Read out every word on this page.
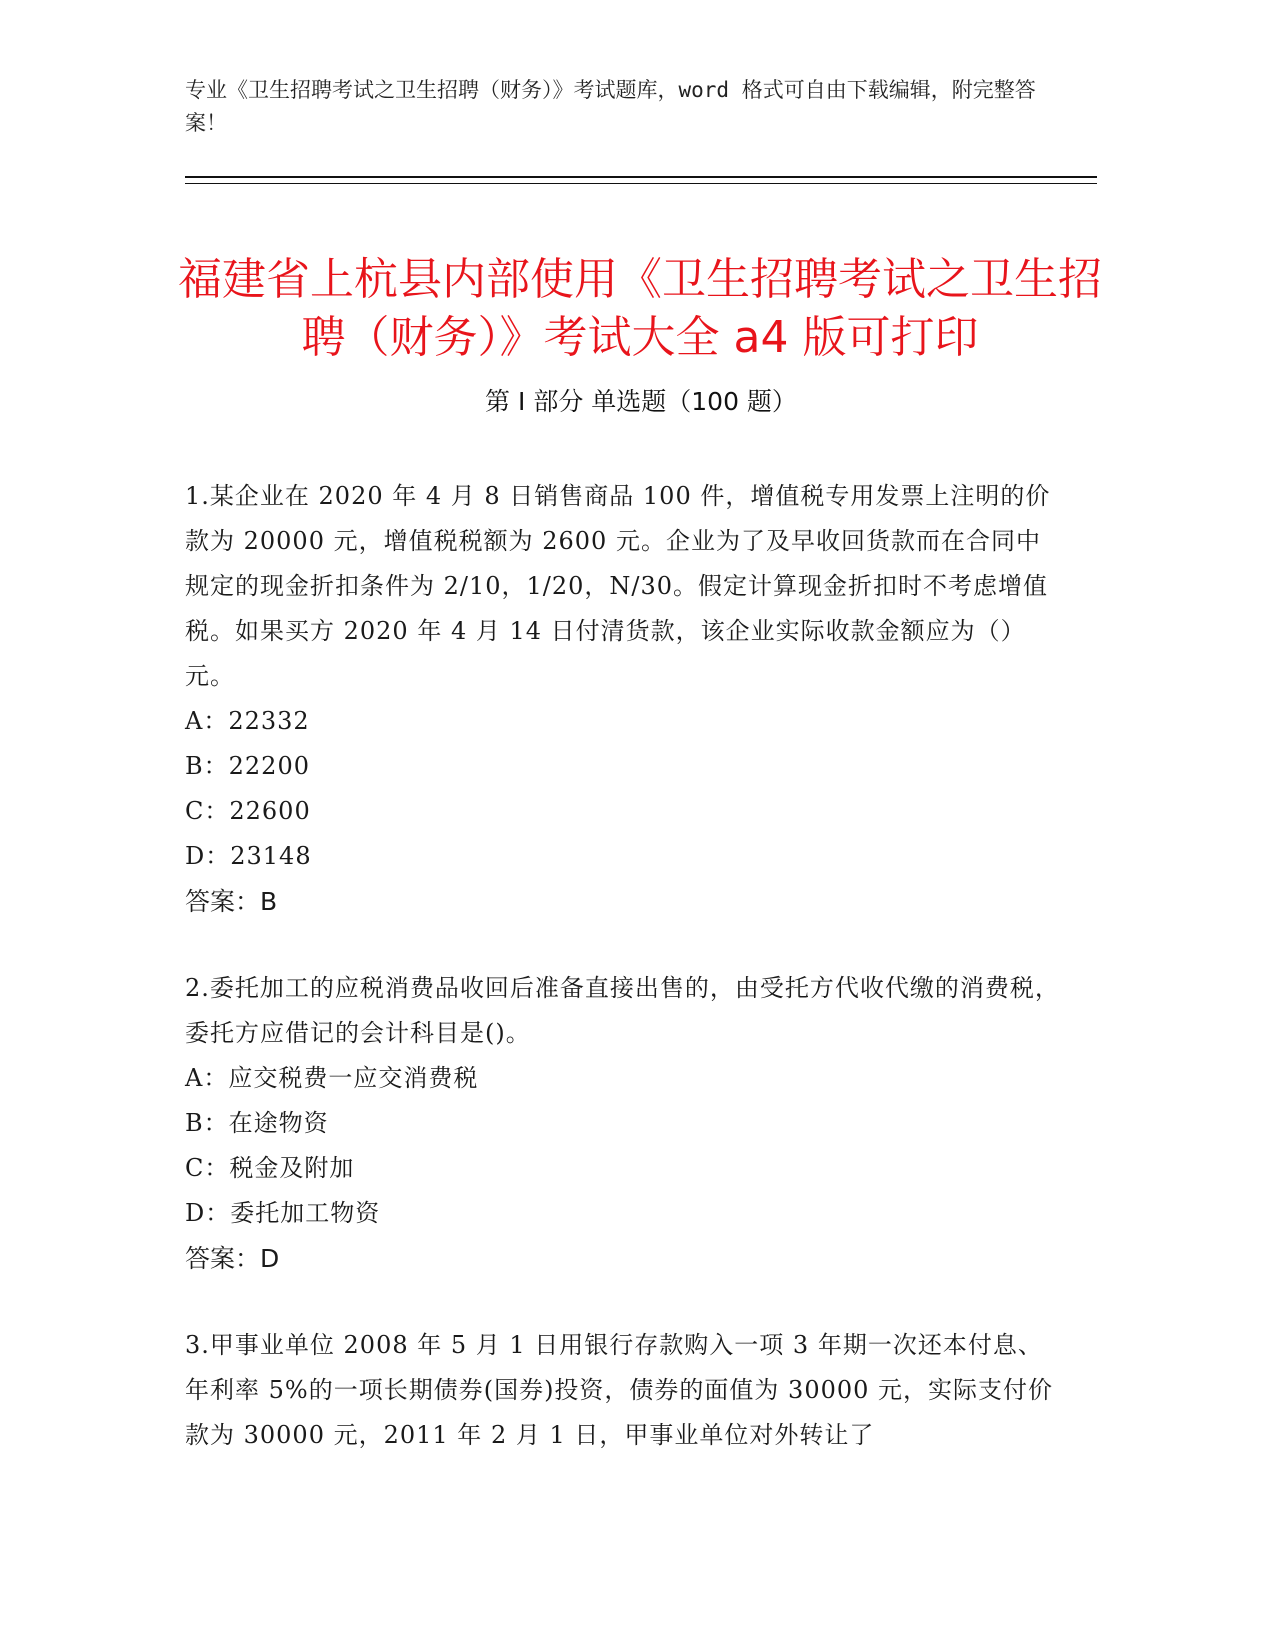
专业《卫生招聘考试之卫生招聘（财务）》考试题库，word 格式可自由下载编辑，附完整答案！
福建省上杭县内部使用《卫生招聘考试之卫生招聘（财务）》考试大全 a4 版可打印
第 I 部分 单选题（100 题）

1.某企业在 2020 年 4 月 8 日销售商品 100 件，增值税专用发票上注明的价款为 20000 元，增值税税额为 2600 元。企业为了及早收回货款而在合同中规定的现金折扣条件为 2/10，1/20，N/30。假定计算现金折扣时不考虑增值税。如果买方 2020 年 4 月 14 日付清货款，该企业实际收款金额应为（）元。

A：22332

B：22200

C：22600

D：23148

答案：B

2.委托加工的应税消费品收回后准备直接出售的，由受托方代收代缴的消费税，委托方应借记的会计科目是()。

A：应交税费一应交消费税

B：在途物资

C：税金及附加

D：委托加工物资

答案：D

3.甲事业单位 2008 年 5 月 1 日用银行存款购入一项 3 年期一次还本付息、年利率 5%的一项长期债券(国券)投资，债券的面值为 30000 元，实际支付价款为 30000 元，2011 年 2 月 1 日，甲事业单位对外转让了
